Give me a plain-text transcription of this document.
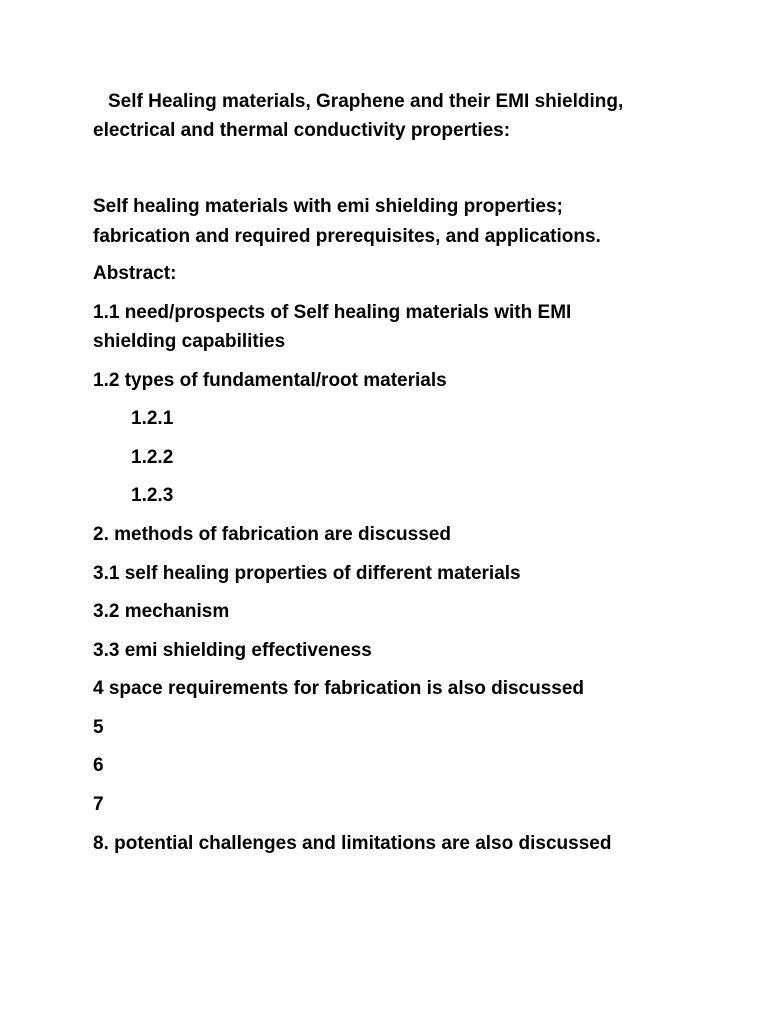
Self Healing materials, Graphene and their EMI shielding,
electrical and thermal conductivity properties:
Self healing materials with emi shielding properties;
fabrication and required prerequisites, and applications.
Abstract:
1.1 need/prospects of Self healing materials with EMI
shielding capabilities
1.2 types of fundamental/root materials
1.2.1
1.2.2
1.2.3
2. methods of fabrication are discussed
3.1 self healing properties of different materials
3.2 mechanism
3.3 emi shielding effectiveness
4 space requirements for fabrication is also discussed
5
6
7
8. potential challenges and limitations are also discussed
